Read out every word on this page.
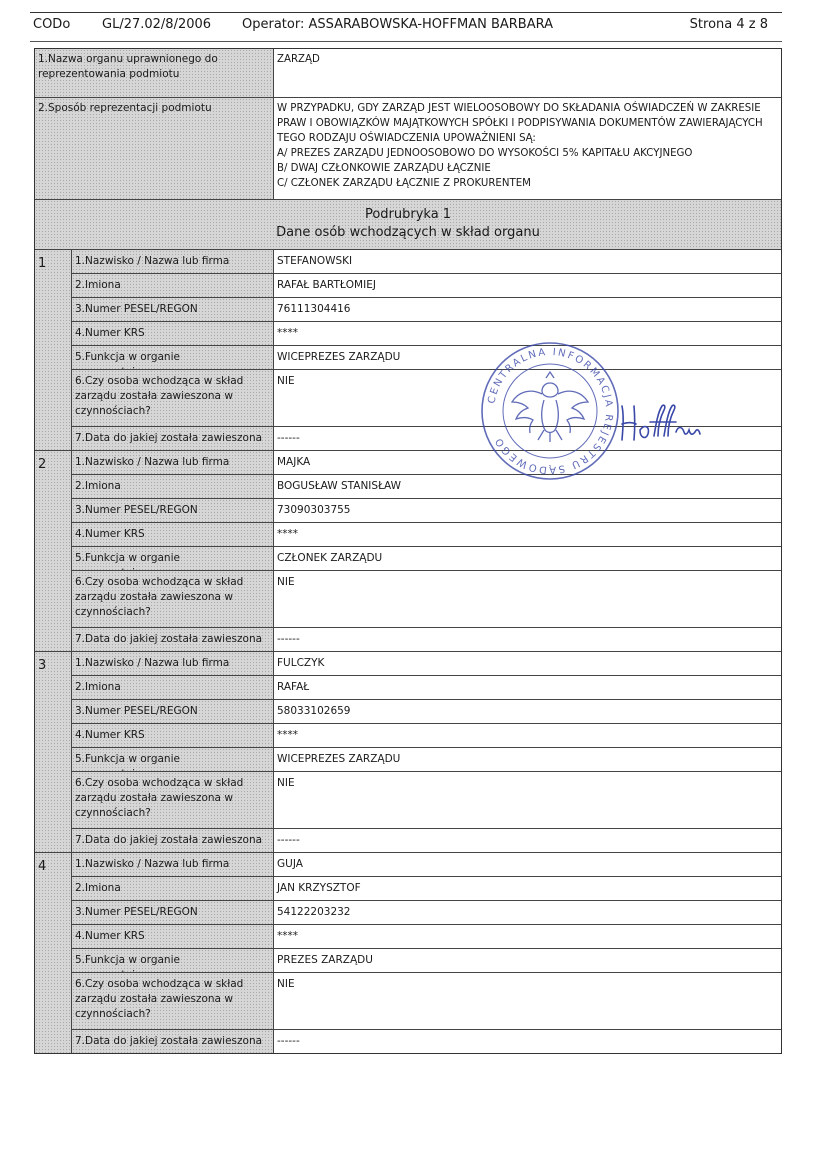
CODo GL/27.02/8/2006 Operator: ASSARABOWSKA-HOFFMAN BARBARA	Strona 4 z 8
1.Nazwa organu uprawnionego do reprezentowania podmiotu
ZARZĄD
2.Sposób reprezentacji podmiotu	W PRZYPADKU, GDY ZARZĄD JEST WIELOOSOBOWY DO SKŁADANIA OŚWIADCZEŃ W ZAKRESIE PRAW I OBOWIĄZKÓW MAJĄTKOWYCH SPÓŁKI I PODPISYWANIA DOKUMENTÓW ZAWIERAJĄCYCH TEGO RODZAJU OŚWIADCZENIA UPOWAŻNIENI SĄ:
A/ PREZES ZARZĄDU JEDNOOSOBOWO DO WYSOKOŚCI 5% KAPITAŁU AKCYJNEGO
B/ DWAJ CZŁONKOWIE ZARZĄDU ŁĄCZNIE
C/ CZŁONEK ZARZĄDU ŁĄCZNIE Z PROKURENTEM
Podrubryka 1
Dane osób wchodzących w skład organu
1	1.Nazwisko / Nazwa lub firma	STEFANOWSKI
2.Imiona	RAFAŁ BARTŁOMIEJ
3.Numer PESEL/REGON	76111304416
4.Numer KRS	****
5.Funkcja w organie	WICEPREZES ZARZĄDU
6.Czy osoba wchodząca w skład zarządu została zawieszona w czynnościach?
NIE
7.Data do jakiej została zawieszona	------
2	1.Nazwisko / Nazwa lub firma	MAJKA
2.Imiona	BOGUSŁAW STANISŁAW
3.Numer PESEL/REGON	73090303755
4.Numer KRS	****
5.Funkcja w organie	CZŁONEK ZARZĄDU
6.Czy osoba wchodząca w skład zarządu została zawieszona w czynnościach?
NIE
7.Data do jakiej została zawieszona	------
3	1.Nazwisko / Nazwa lub firma	FULCZYK
2.Imiona	RAFAŁ
3.Numer PESEL/REGON	58033102659
4.Numer KRS	****
5.Funkcja w organie	WICEPREZES ZARZĄDU
6.Czy osoba wchodząca w skład zarządu została zawieszona w czynnościach?
NIE
7.Data do jakiej została zawieszona	------
4	1.Nazwisko / Nazwa lub firma	GUJA
2.Imiona	JAN KRZYSZTOF
3.Numer PESEL/REGON	54122203232
4.Numer KRS	****
5.Funkcja w organie	PREZES ZARZĄDU
6.Czy osoba wchodząca w skład zarządu została zawieszona w czynnościach?
NIE
7.Data do jakiej została zawieszona	------
CENTRALNA INFORMACJA REJESTRU SĄDOWEGO
